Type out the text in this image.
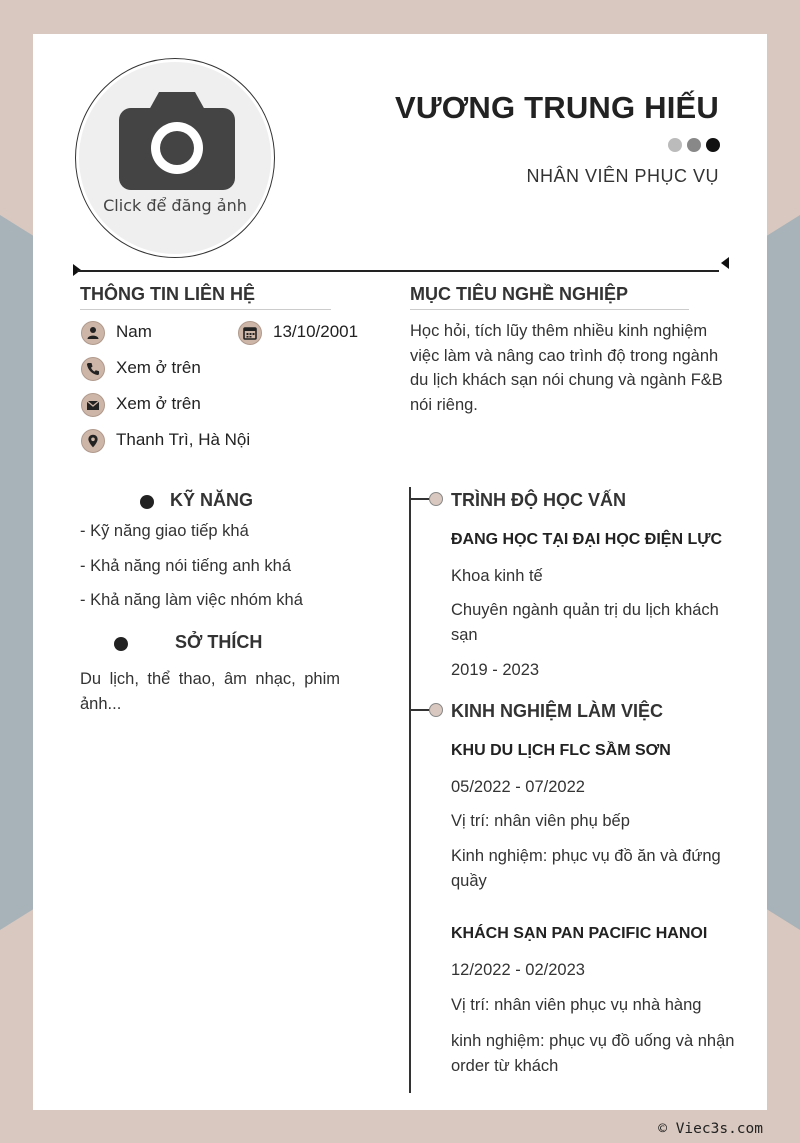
Click để đăng ảnh
VƯƠNG TRUNG HIẾU
NHÂN VIÊN PHỤC VỤ
THÔNG TIN LIÊN HỆ
Nam	13/10/2001
Xem ở trên
Xem ở trên
Thanh Trì, Hà Nội
MỤC TIÊU NGHỀ NGHIỆP
Học hỏi, tích lũy thêm nhiều kinh nghiệm việc làm và nâng cao trình độ trong ngành du lịch khách sạn nói chung và ngành F&B nói riêng.
KỸ NĂNG
- Kỹ năng giao tiếp khá
- Khả năng nói tiếng anh khá
- Khả năng làm việc nhóm khá
SỞ THÍCH
Du lịch, thể thao, âm nhạc, phim ảnh...
TRÌNH ĐỘ HỌC VẤN
ĐANG HỌC TẠI ĐẠI HỌC ĐIỆN LỰC
Khoa kinh tế
Chuyên ngành quản trị du lịch khách sạn
2019 - 2023
KINH NGHIỆM LÀM VIỆC
KHU DU LỊCH FLC SẦM SƠN
05/2022 - 07/2022
Vị trí: nhân viên phụ bếp
Kinh nghiệm: phục vụ đồ ăn và đứng quầy
KHÁCH SẠN PAN PACIFIC HANOI
12/2022 - 02/2023
Vị trí: nhân viên phục vụ nhà hàng
kinh nghiệm: phục vụ đồ uống và nhận order từ khách
© Viec3s.com
